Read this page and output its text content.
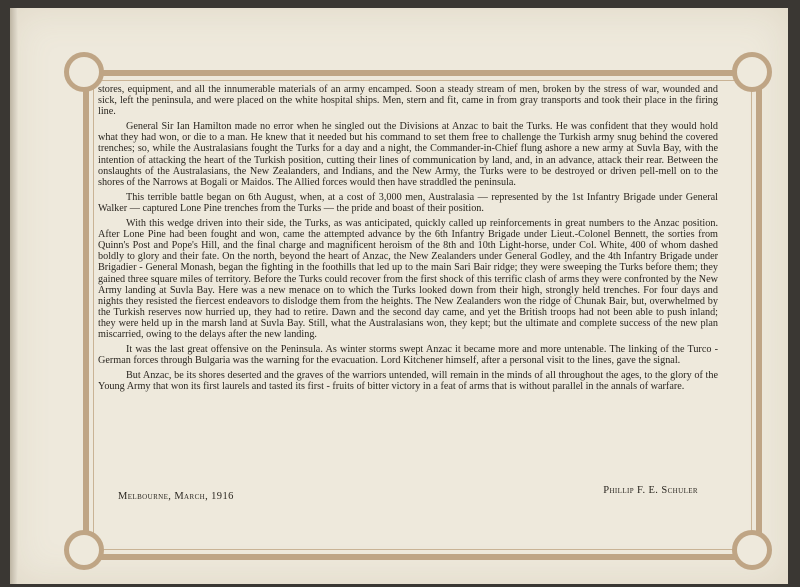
stores, equipment, and all the innumerable materials of an army encamped. Soon a steady stream of men, broken by the stress of war, wounded and sick, left the peninsula, and were placed on the white hospital ships. Men, stern and fit, came in from gray transports and took their place in the firing line.

General Sir Ian Hamilton made no error when he singled out the Divisions at Anzac to bait the Turks. He was confident that they would hold what they had won, or die to a man. He knew that it needed but his command to set them free to challenge the Turkish army snug behind the covered trenches; so, while the Australasians fought the Turks for a day and a night, the Commander-in-Chief flung ashore a new army at Suvla Bay, with the intention of attacking the heart of the Turkish position, cutting their lines of communication by land, and, in an advance, attack their rear. Between the onslaughts of the Australasians, the New Zealanders, and Indians, and the New Army, the Turks were to be destroyed or driven pell-mell on to the shores of the Narrows at Bogali or Maidos. The Allied forces would then have straddled the peninsula.

This terrible battle began on 6th August, when, at a cost of 3,000 men, Australasia — represented by the 1st Infantry Brigade under General Walker — captured Lone Pine trenches from the Turks — the pride and boast of their position.

With this wedge driven into their side, the Turks, as was anticipated, quickly called up reinforcements in great numbers to the Anzac position. After Lone Pine had been fought and won, came the attempted advance by the 6th Infantry Brigade under Lieut.-Colonel Bennett, the sorties from Quinn's Post and Pope's Hill, and the final charge and magnificent heroism of the 8th and 10th Light-horse, under Col. White, 400 of whom dashed boldly to glory and their fate. On the north, beyond the heart of Anzac, the New Zealanders under General Godley, and the 4th Infantry Brigade under Brigadier - General Monash, began the fighting in the foothills that led up to the main Sari Bair ridge; they were sweeping the Turks before them; they gained three square miles of territory. Before the Turks could recover from the first shock of this terrific clash of arms they were confronted by the New Army landing at Suvla Bay. Here was a new menace on to which the Turks looked down from their high, strongly held trenches. For four days and nights they resisted the fiercest endeavors to dislodge them from the heights. The New Zealanders won the ridge of Chunak Bair, but, overwhelmed by the Turkish reserves now hurried up, they had to retire. Dawn and the second day came, and yet the British troops had not been able to push inland; they were held up in the marsh land at Suvla Bay. Still, what the Australasians won, they kept; but the ultimate and complete success of the new plan miscarried, owing to the delays after the new landing.

It was the last great offensive on the Peninsula. As winter storms swept Anzac it became more and more untenable. The linking of the Turco - German forces through Bulgaria was the warning for the evacuation. Lord Kitchener himself, after a personal visit to the lines, gave the signal.

But Anzac, be its shores deserted and the graves of the warriors untended, will remain in the minds of all throughout the ages, to the glory of the Young Army that won its first laurels and tasted its first - fruits of bitter victory in a feat of arms that is without parallel in the annals of warfare.

Melbourne, March, 1916
Phillip F. E. Schuler
